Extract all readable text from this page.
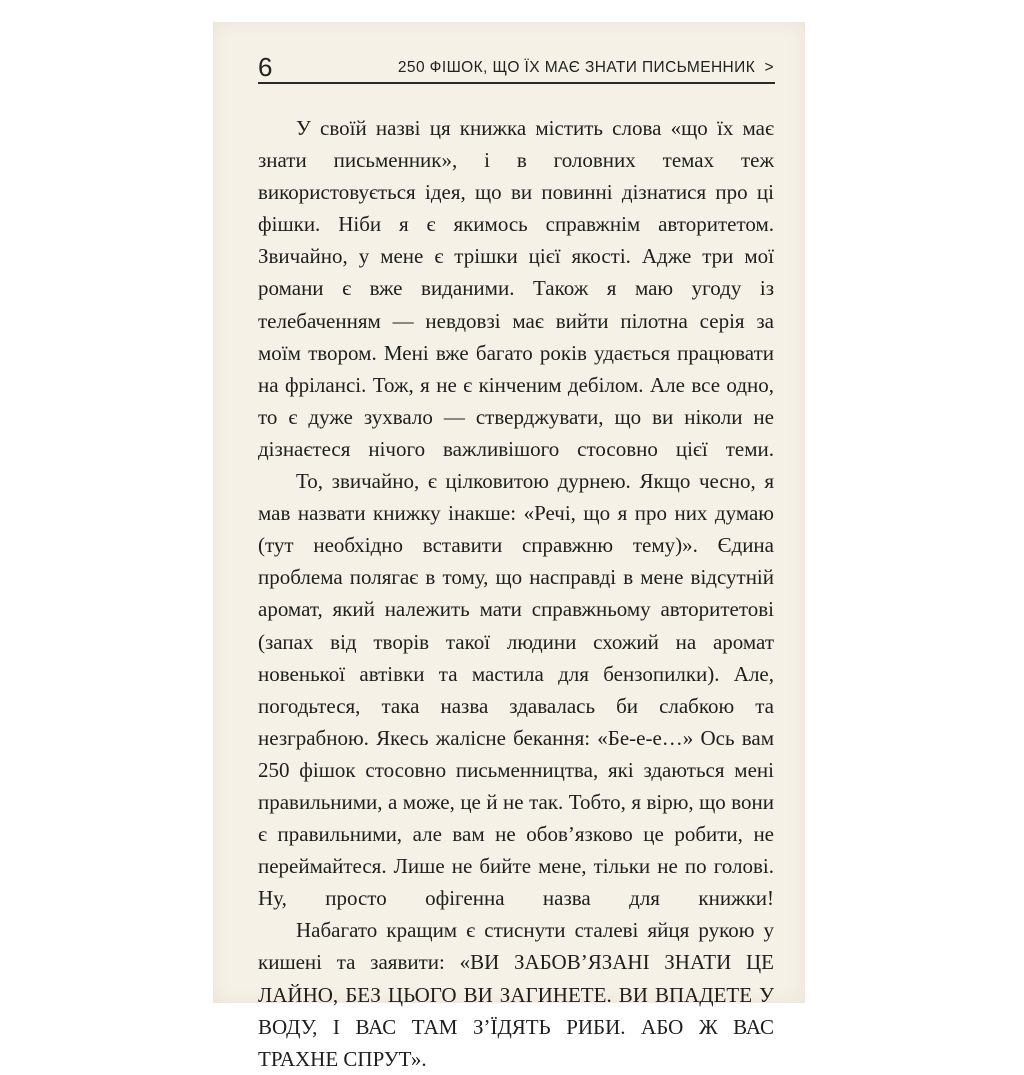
6	250 ФІШОК, ЩО ЇХ МАЄ ЗНАТИ ПИСЬМЕННИК  >

У своїй назві ця книжка містить слова «що їх має знати письменник», і в головних темах теж використовується ідея, що ви повинні дізнатися про ці фішки. Ніби я є якимось справжнім авторитетом. Звичайно, у мене є трішки цієї якості. Адже три мої романи є вже виданими. Також я маю угоду із телебаченням — невдовзі має вийти пілотна серія за моїм твором. Мені вже багато років удається працювати на фрілансі. Тож, я не є кінченим дебілом. Але все одно, то є дуже зухвало — стверджувати, що ви ніколи не дізнаєтеся нічого важливішого стосовно цієї теми.

То, звичайно, є цілковитою дурнею. Якщо чесно, я мав назвати книжку інакше: «Речі, що я про них думаю (тут необхідно вставити справжню тему)». Єдина проблема полягає в тому, що насправді в мене відсутній аромат, який належить мати справжньому авторитетові (запах від творів такої людини схожий на аромат новенької автівки та мастила для бензопилки). Але, погодьтеся, така назва здавалась би слабкою та незграбною. Якесь жалісне бекання: «Бе-е-е…» Ось вам 250 фішок стосовно письменництва, які здаються мені правильними, а може, це й не так. Тобто, я вірю, що вони є правильними, але вам не обов’язково це робити, не переймайтеся. Лише не бийте мене, тільки не по голові. Ну, просто офігенна назва для книжки!

Набагато кращим є стиснути сталеві яйця рукою у кишені та заявити: «ВИ ЗАБОВ’ЯЗАНІ ЗНАТИ ЦЕ ЛАЙНО, БЕЗ ЦЬОГО ВИ ЗАГИНЕТЕ. ВИ ВПАДЕТЕ У ВОДУ, І ВАС ТАМ З’ЇДЯТЬ РИБИ. АБО Ж ВАС ТРАХНЕ СПРУТ».
